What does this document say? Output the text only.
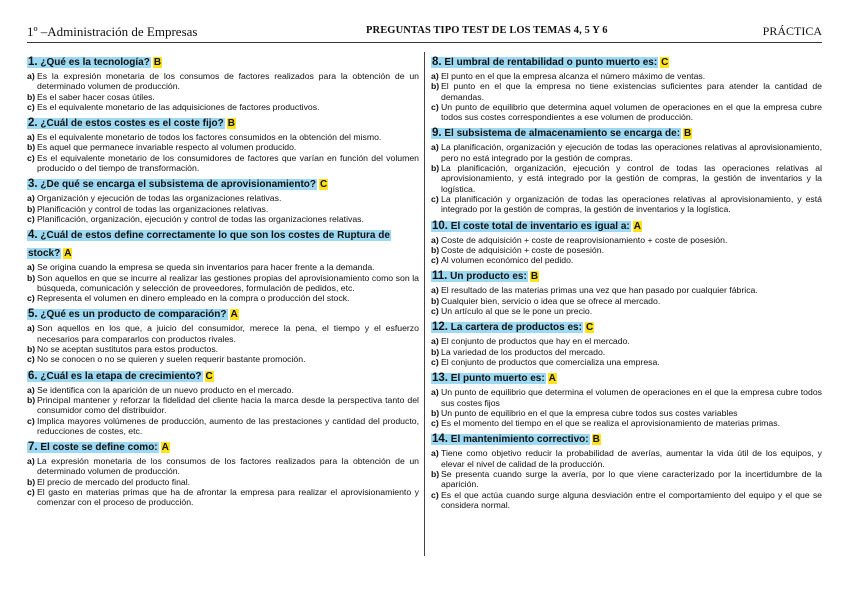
1º –Administración de Empresas	PREGUNTAS TIPO TEST DE LOS TEMAS 4, 5 Y 6	PRÁCTICA
1. ¿Qué es la tecnología? B
a) Es la expresión monetaria de los consumos de factores realizados para la obtención de un determinado volumen de producción.
b) Es el saber hacer cosas útiles.
c) Es el equivalente monetario de las adquisiciones de factores productivos.
2. ¿Cuál de estos costes es el coste fijo? B
a) Es el equivalente monetario de todos los factores consumidos en la obtención del mismo.
b) Es aquel que permanece invariable respecto al volumen producido.
c) Es el equivalente monetario de los consumidores de factores que varían en función del volumen producido o del tiempo de transformación.
3. ¿De qué se encarga el subsistema de aprovisionamiento? C
a) Organización y ejecución de todas las organizaciones relativas.
b) Planificación y control de todas las organizaciones relativas.
c) Planificación, organización, ejecución y control de todas las organizaciones relativas.
4. ¿Cuál de estos define correctamente lo que son los costes de Ruptura de stock? A
a) Se origina cuando la empresa se queda sin inventarios para hacer frente a la demanda.
b) Son aquellos en que se incurre al realizar las gestiones propias del aprovisionamiento como son la búsqueda, comunicación y selección de proveedores, formulación de pedidos, etc.
c) Representa el volumen en dinero empleado en la compra o producción del stock.
5. ¿Qué es un producto de comparación? A
a) Son aquellos en los que, a juicio del consumidor, merece la pena, el tiempo y el esfuerzo necesarios para compararlos con productos rivales.
b) No se aceptan sustitutos para estos productos.
c) No se conocen o no se quieren y suelen requerir bastante promoción.
6. ¿Cuál es la etapa de crecimiento? C
a) Se identifica con la aparición de un nuevo producto en el mercado.
b) Principal mantener y reforzar la fidelidad del cliente hacia la marca desde la perspectiva tanto del consumidor como del distribuidor.
c) Implica mayores volúmenes de producción, aumento de las prestaciones y cantidad del producto, reducciones de costes, etc.
7. El coste se define como: A
a) La expresión monetaria de los consumos de los factores realizados para la obtención de un determinado volumen de producción.
b) El precio de mercado del producto final.
c) El gasto en materias primas que ha de afrontar la empresa para realizar el aprovisionamiento y comenzar con el proceso de producción.
8. El umbral de rentabilidad o punto muerto es: C
a) El punto en el que la empresa alcanza el número máximo de ventas.
b) El punto en el que la empresa no tiene existencias suficientes para atender la cantidad de demandas.
c) Un punto de equilibrio que determina aquel volumen de operaciones en el que la empresa cubre todos sus costes correspondientes a ese volumen de producción.
9. El subsistema de almacenamiento se encarga de: B
a) La planificación, organización y ejecución de todas las operaciones relativas al aprovisionamiento, pero no está integrado por la gestión de compras.
b) La planificación, organización, ejecución y control de todas las operaciones relativas al aprovisionamiento, y está integrado por la gestión de compras, la gestión de inventarios y la logística.
c) La planificación y organización de todas las operaciones relativas al aprovisionamiento, y está integrado por la gestión de compras, la gestión de inventarios y la logística.
10. El coste total de inventario es igual a: A
a) Coste de adquisición + coste de reaprovisionamiento + coste de posesión.
b) Coste de adquisición + coste de posesión.
c) Al volumen económico del pedido.
11. Un producto es: B
a) El resultado de las materias primas una vez que han pasado por cualquier fábrica.
b) Cualquier bien, servicio o idea que se ofrece al mercado.
c) Un artículo al que se le pone un precio.
12. La cartera de productos es: C
a) El conjunto de productos que hay en el mercado.
b) La variedad de los productos del mercado.
c) El conjunto de productos que comercializa una empresa.
13. El punto muerto es: A
a) Un punto de equilibrio que determina el volumen de operaciones en el que la empresa cubre todos sus costes fijos
b) Un punto de equilibrio en el que la empresa cubre todos sus costes variables
c) Es el momento del tiempo en el que se realiza el aprovisionamiento de materias primas.
14. El mantenimiento correctivo: B
a) Tiene como objetivo reducir la probabilidad de averías, aumentar la vida útil de los equipos, y elevar el nivel de calidad de la producción.
b) Se presenta cuando surge la avería, por lo que viene caracterizado por la incertidumbre de la aparición.
c) Es el que actúa cuando surge alguna desviación entre el comportamiento del equipo y el que se considera normal.
